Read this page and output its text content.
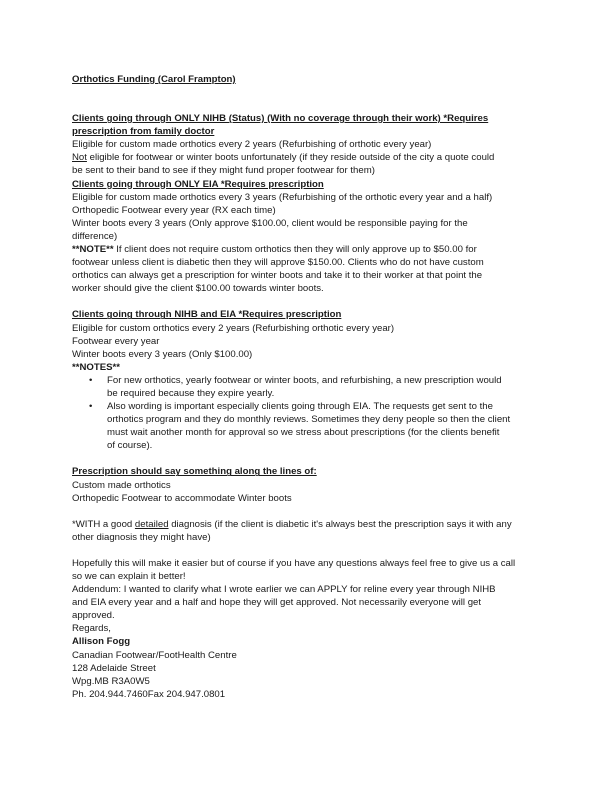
Orthotics Funding (Carol Frampton)
Clients going through ONLY NIHB (Status) (With no coverage through their work) *Requires
prescription from family doctor
Eligible for custom made orthotics every 2 years (Refurbishing of orthotic every year)
Not eligible for footwear or winter boots unfortunately (if they reside outside of the city a quote could
be sent to their band to see if they might fund proper footwear for them)
Clients going through ONLY EIA *Requires prescription
Eligible for custom made orthotics every 3 years (Refurbishing of the orthotic every year and a half)
Orthopedic Footwear every year (RX each time)
Winter boots every 3 years (Only approve $100.00, client would be responsible paying for the
difference)
**NOTE** If client does not require custom orthotics then they will only approve up to $50.00 for
footwear unless client is diabetic then they will approve $150.00. Clients who do not have custom
orthotics can always get a prescription for winter boots and take it to their worker at that point the
worker should give the client $100.00 towards winter boots.
Clients going through NIHB and EIA *Requires prescription
Eligible for custom orthotics every 2 years (Refurbishing orthotic every year)
Footwear every year
Winter boots every 3 years (Only $100.00)
**NOTES**
• For new orthotics, yearly footwear or winter boots, and refurbishing, a new prescription would
be required because they expire yearly.
• Also wording is important especially clients going through EIA. The requests get sent to the
orthotics program and they do monthly reviews. Sometimes they deny people so then the client
must wait another month for approval so we stress about prescriptions (for the clients benefit
of course).
Prescription should say something along the lines of:
Custom made orthotics
Orthopedic Footwear to accommodate Winter boots
*WITH a good detailed diagnosis (if the client is diabetic it's always best the prescription says it with any
other diagnosis they might have)
Hopefully this will make it easier but of course if you have any questions always feel free to give us a call
so we can explain it better!
Addendum: I wanted to clarify what I wrote earlier we can APPLY for reline every year through NIHB
and EIA every year and a half and hope they will get approved. Not necessarily everyone will get
approved.
Regards,
Allison Fogg
Canadian Footwear/FootHealth Centre
128 Adelaide Street
Wpg.MB R3A0W5
Ph. 204.944.7460Fax 204.947.0801
